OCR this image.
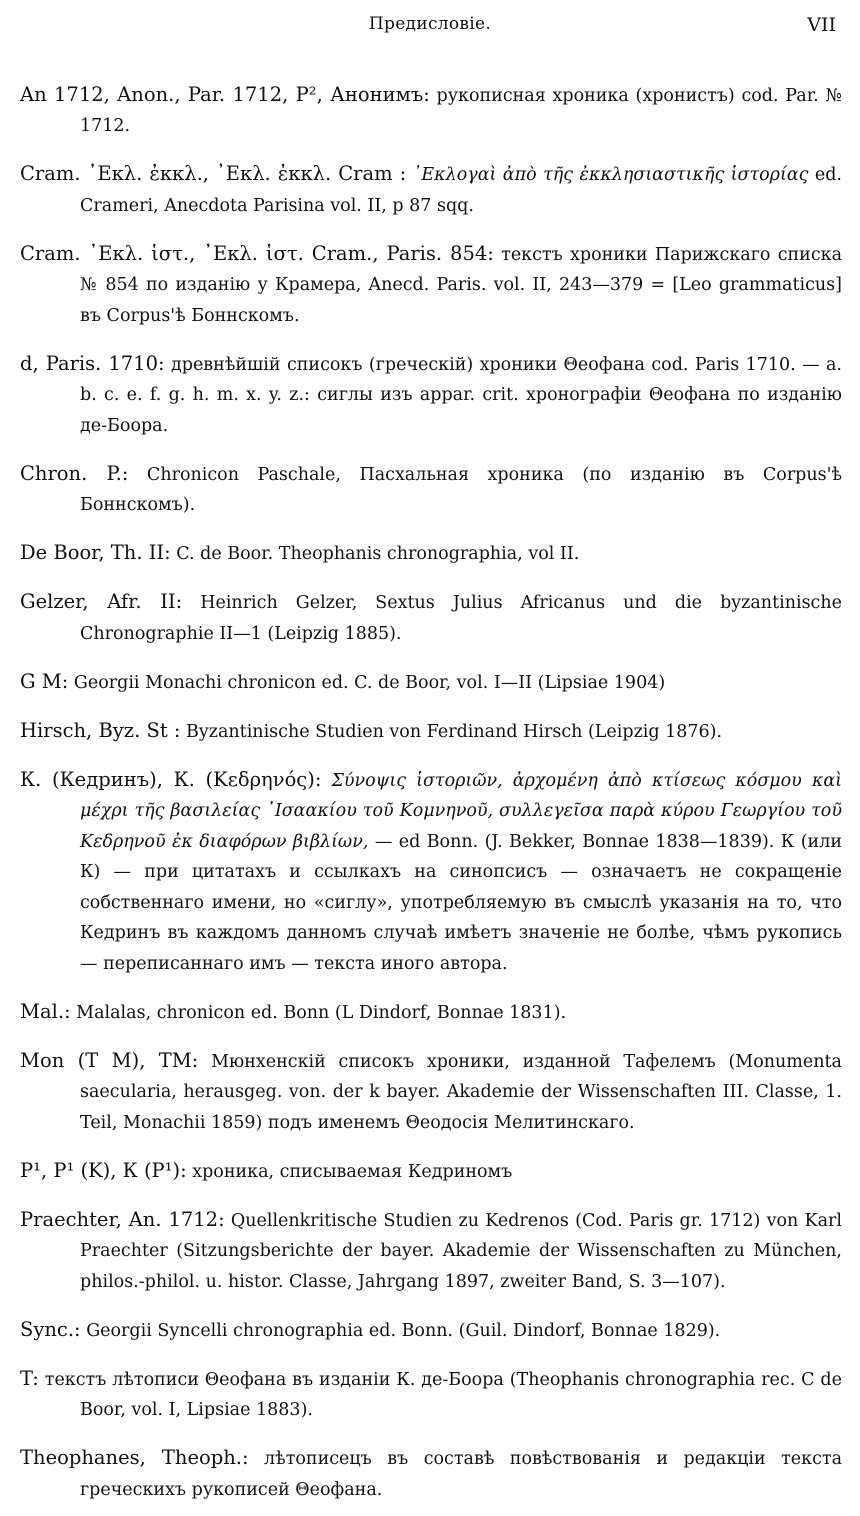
Предисловіе.	VII

An 1712, Anon., Par. 1712, P², Анонимъ: рукописная хроника (хронистъ) cod. Par. № 1712.

Cram. ᾿Εκλ. ἐκκλ., ᾿Εκλ. ἐκκλ. Cram : ᾿Εκλογαὶ ἀπὸ τῆς ἐκκλησιαστικῆς ἱστορίας ed. Crameri, Anecdota Parisina vol. II, p 87 sqq.

Cram. ᾿Εκλ. ἱστ., ᾿Εκλ. ἱστ. Cram., Paris. 854: текстъ хроники Парижскаго списка № 854 по изданію у Крамера, Anecd. Paris. vol. II, 243—379 = [Leo grammaticus] въ Corpus'ѣ Боннскомъ.

d, Paris. 1710: древнѣйшій списокъ (греческій) хроники Θеофана cod. Paris 1710. — a. b. c. e. f. g. h. m. x. y. z.: сиглы изъ appar. crit. хронографіи Θеофана по изданію де-Боора.

Chron. P.: Chronicon Paschale, Пасхальная хроника (по изданію въ Corpus'ѣ Боннскомъ).

De Boor, Th. II: C. de Boor. Theophanis chronographia, vol II.

Gelzer, Afr. II: Heinrich Gelzer, Sextus Julius Africanus und die byzantinische Chronographie II—1 (Leipzig 1885).

G M: Georgii Monachi chronicon ed. C. de Boor, vol. I—II (Lipsiae 1904)

Hirsch, Byz. St : Byzantinische Studien von Ferdinand Hirsch (Leipzig 1876).

К. (Кедринъ), К. (Κεδρηνός): Σύνοψις ἱστοριῶν, ἀρχομένη ἀπὸ κτίσεως κόσμου καὶ μέχρι τῆς βασιλείας ᾿Ισαακίου τοῦ Κομνηνοῦ, συλλεγεῖσα παρὰ κύρου Γεωργίου τοῦ Κεδρηνοῦ ἐκ διαφόρων βιβλίων, — ed Bonn. (J. Bekker, Bonnae 1838—1839). К (или К) — при цитатахъ и ссылкахъ на синопсисъ — означаетъ не сокращеніе собственнаго имени, но «сиглу», употребляемую въ смыслѣ указанія на то, что Кедринъ въ каждомъ данномъ случаѣ имѣетъ значеніе не болѣе, чѣмъ рукопись — переписаннаго имъ — текста иного автора.

Mal.: Malalas, chronicon ed. Bonn (L Dindorf, Bonnae 1831).

Mon (T M), TM: Мюнхенскій списокъ хроники, изданной Тафелемъ (Monumenta saecularia, herausgeg. von. der k bayer. Akademie der Wissenschaften III. Classe, 1. Teil, Monachii 1859) подъ именемъ Θеодосія Мелитинскаго.

P¹, P¹ (K), К (P¹): хроника, списываемая Кедриномъ

Praechter, An. 1712: Quellenkritische Studien zu Kedrenos (Cod. Paris gr. 1712) von Karl Praechter (Sitzungsberichte der bayer. Akademie der Wissenschaften zu München, philos.-philol. u. histor. Classe, Jahrgang 1897, zweiter Band, S. 3—107).

Sync.: Georgii Syncelli chronographia ed. Bonn. (Guil. Dindorf, Bonnae 1829).

T: текстъ лѣтописи Θеофана въ изданіи К. де-Боора (Theophanis chronographia rec. C de Boor, vol. I, Lipsiae 1883).

Theophanes, Theoph.: лѣтописецъ въ составѣ повѣствованія и редакціи текста греческихъ рукописей Θеофана.
